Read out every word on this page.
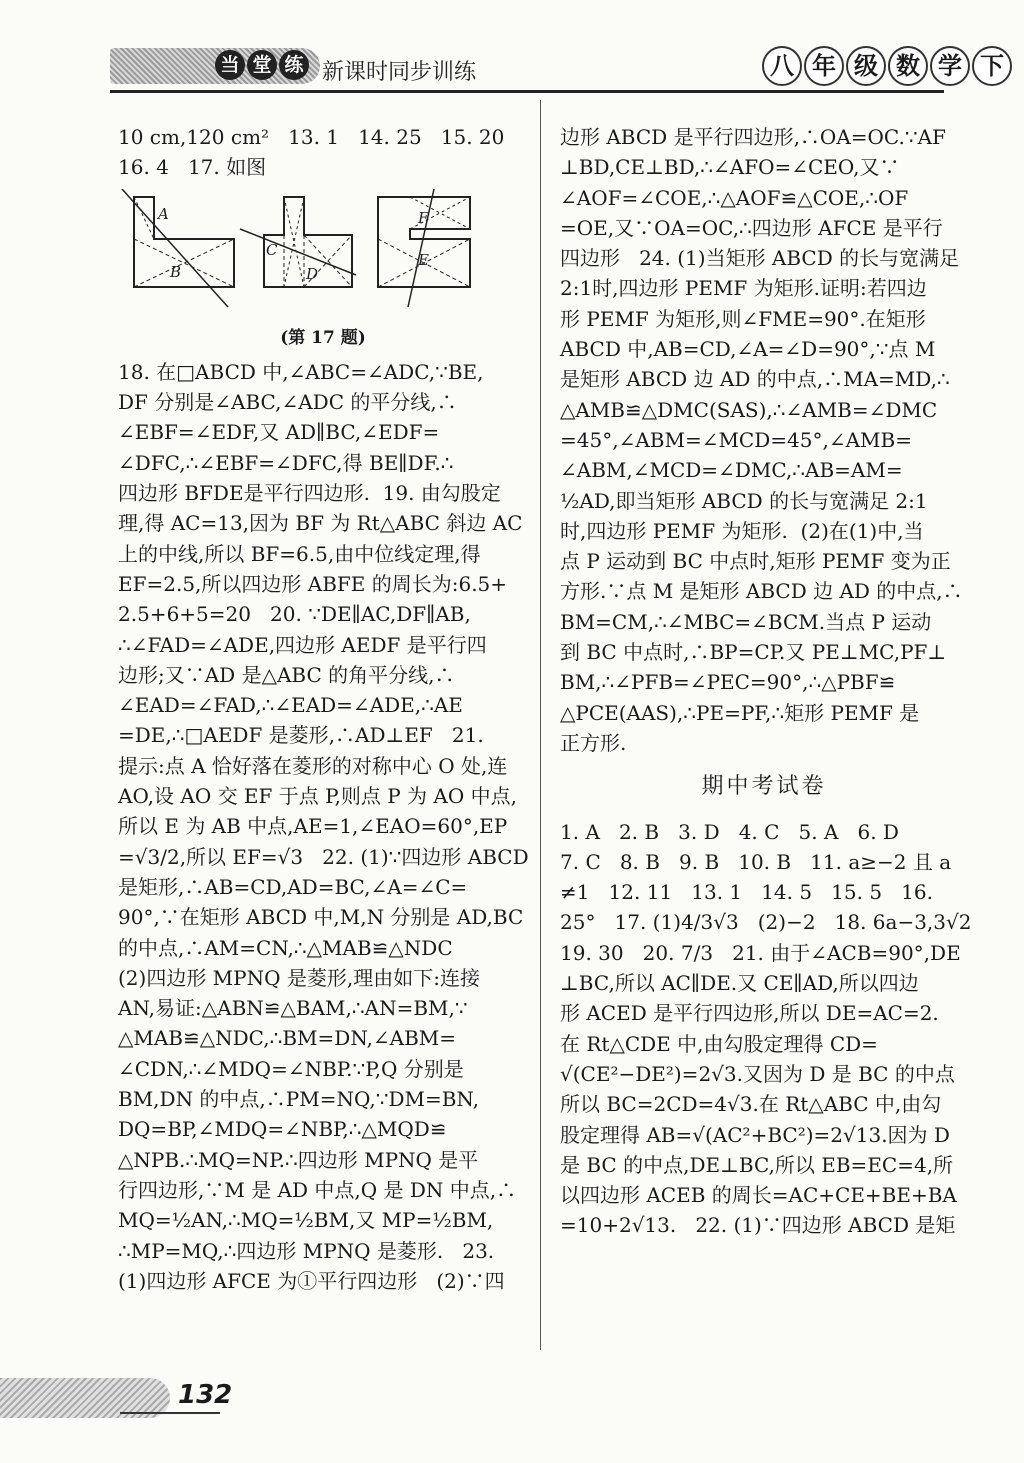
当 堂 练 新课时同步训练	八 年 级 数 学 下

10 cm,120 cm²   13. 1   14. 25   15. 20

16. 4   17. 如图

A
B
C
D
F
E
(第 17 题)

18. 在□ABCD 中,∠ABC=∠ADC,∵BE,

DF 分别是∠ABC,∠ADC 的平分线,∴

∠EBF=∠EDF,又 AD∥BC,∠EDF=

∠DFC,∴∠EBF=∠DFC,得 BE∥DF.∴

四边形 BFDE是平行四边形.  19. 由勾股定

理,得 AC=13,因为 BF 为 Rt△ABC 斜边 AC

上的中线,所以 BF=6.5,由中位线定理,得

EF=2.5,所以四边形 ABFE 的周长为:6.5+

2.5+6+5=20   20. ∵DE∥AC,DF∥AB,

∴∠FAD=∠ADE,四边形 AEDF 是平行四

边形;又∵AD 是△ABC 的角平分线,∴

∠EAD=∠FAD,∴∠EAD=∠ADE,∴AE

=DE,∴□AEDF 是菱形,∴AD⊥EF   21.

提示:点 A 恰好落在菱形的对称中心 O 处,连

AO,设 AO 交 EF 于点 P,则点 P 为 AO 中点,

所以 E 为 AB 中点,AE=1,∠EAO=60°,EP

=√3/2,所以 EF=√3   22. (1)∵四边形 ABCD

是矩形,∴AB=CD,AD=BC,∠A=∠C=

90°,∵在矩形 ABCD 中,M,N 分别是 AD,BC

的中点,∴AM=CN,∴△MAB≌△NDC

(2)四边形 MPNQ 是菱形,理由如下:连接

AN,易证:△ABN≌△BAM,∴AN=BM,∵

△MAB≌△NDC,∴BM=DN,∠ABM=

∠CDN,∴∠MDQ=∠NBP.∵P,Q 分别是

BM,DN 的中点,∴PM=NQ,∵DM=BN,

DQ=BP,∠MDQ=∠NBP,∴△MQD≌

△NPB.∴MQ=NP.∴四边形 MPNQ 是平

行四边形,∵M 是 AD 中点,Q 是 DN 中点,∴

MQ=½AN,∴MQ=½BM,又 MP=½BM,

∴MP=MQ,∴四边形 MPNQ 是菱形.   23.

(1)四边形 AFCE 为①平行四边形   (2)∵四

边形 ABCD 是平行四边形,∴OA=OC.∵AF

⊥BD,CE⊥BD,∴∠AFO=∠CEO,又∵

∠AOF=∠COE,∴△AOF≌△COE,∴OF

=OE,又∵OA=OC,∴四边形 AFCE 是平行

四边形   24. (1)当矩形 ABCD 的长与宽满足

2:1时,四边形 PEMF 为矩形.证明:若四边

形 PEMF 为矩形,则∠FME=90°.在矩形

ABCD 中,AB=CD,∠A=∠D=90°,∵点 M

是矩形 ABCD 边 AD 的中点,∴MA=MD,∴

△AMB≌△DMC(SAS),∴∠AMB=∠DMC

=45°,∠ABM=∠MCD=45°,∠AMB=

∠ABM,∠MCD=∠DMC,∴AB=AM=

½AD,即当矩形 ABCD 的长与宽满足 2:1

时,四边形 PEMF 为矩形.  (2)在(1)中,当

点 P 运动到 BC 中点时,矩形 PEMF 变为正

方形.∵点 M 是矩形 ABCD 边 AD 的中点,∴

BM=CM,∴∠MBC=∠BCM.当点 P 运动

到 BC 中点时,∴BP=CP.又 PE⊥MC,PF⊥

BM,∴∠PFB=∠PEC=90°,∴△PBF≌

△PCE(AAS),∴PE=PF,∴矩形 PEMF 是

正方形.

期中考试卷

1. A   2. B   3. D   4. C   5. A   6. D

7. C   8. B   9. B   10. B   11. a≥−2 且 a

≠1   12. 11   13. 1   14. 5   15. 5   16.

25°   17. (1)4/3√3   (2)−2   18. 6a−3,3√2

19. 30   20. 7/3   21. 由于∠ACB=90°,DE

⊥BC,所以 AC∥DE.又 CE∥AD,所以四边

形 ACED 是平行四边形,所以 DE=AC=2.

在 Rt△CDE 中,由勾股定理得 CD=

√(CE²−DE²)=2√3.又因为 D 是 BC 的中点

所以 BC=2CD=4√3.在 Rt△ABC 中,由勾

股定理得 AB=√(AC²+BC²)=2√13.因为 D

是 BC 的中点,DE⊥BC,所以 EB=EC=4,所

以四边形 ACEB 的周长=AC+CE+BE+BA

=10+2√13.   22. (1)∵四边形 ABCD 是矩

132
